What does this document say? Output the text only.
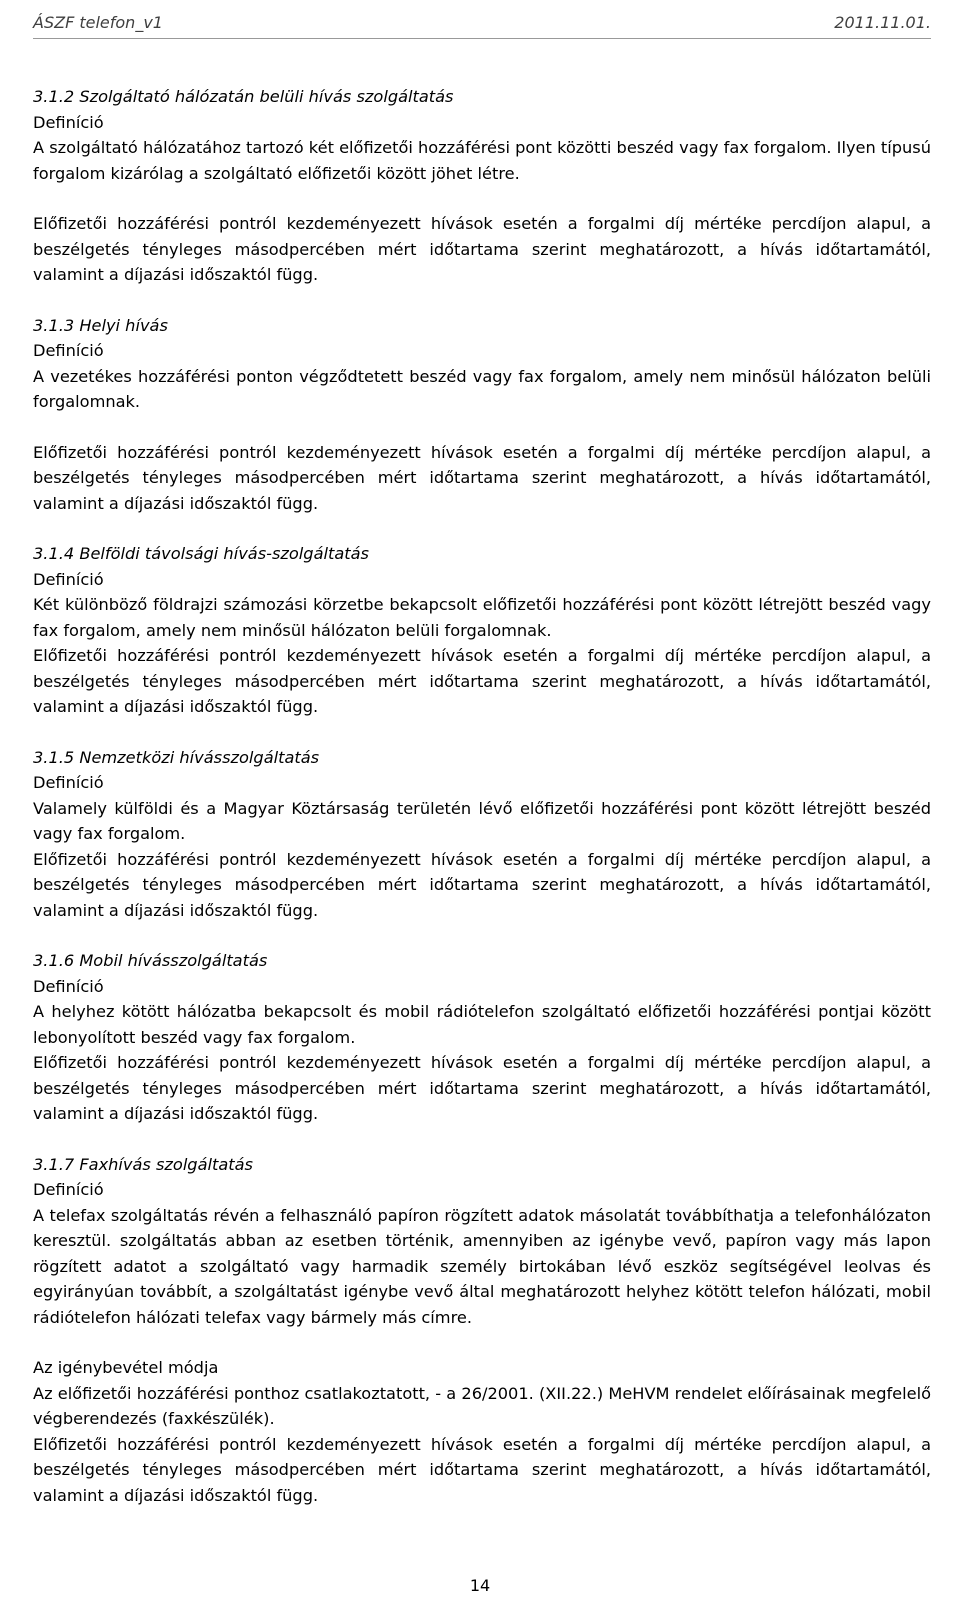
ÁSZF telefon_v1	2011.11.01.
3.1.2 Szolgáltató hálózatán belüli hívás szolgáltatás
Definíció

A szolgáltató hálózatához tartozó két előfizetői hozzáférési pont közötti beszéd vagy fax forgalom. Ilyen típusú forgalom kizárólag a szolgáltató előfizetői között jöhet létre.

Előfizetői hozzáférési pontról kezdeményezett hívások esetén a forgalmi díj mértéke percdíjon alapul, a beszélgetés tényleges másodpercében mért időtartama szerint meghatározott, a hívás időtartamától, valamint a díjazási időszaktól függ.

3.1.3 Helyi hívás
Definíció

A vezetékes hozzáférési ponton végződtetett beszéd vagy fax forgalom, amely nem minősül hálózaton belüli forgalomnak.

Előfizetői hozzáférési pontról kezdeményezett hívások esetén a forgalmi díj mértéke percdíjon alapul, a beszélgetés tényleges másodpercében mért időtartama szerint meghatározott, a hívás időtartamától, valamint a díjazási időszaktól függ.

3.1.4 Belföldi távolsági hívás-szolgáltatás
Definíció

Két különböző földrajzi számozási körzetbe bekapcsolt előfizetői hozzáférési pont között létrejött beszéd vagy fax forgalom, amely nem minősül hálózaton belüli forgalomnak.

Előfizetői hozzáférési pontról kezdeményezett hívások esetén a forgalmi díj mértéke percdíjon alapul, a beszélgetés tényleges másodpercében mért időtartama szerint meghatározott, a hívás időtartamától, valamint a díjazási időszaktól függ.

3.1.5 Nemzetközi hívásszolgáltatás
Definíció

Valamely külföldi és a Magyar Köztársaság területén lévő előfizetői hozzáférési pont között létrejött beszéd vagy fax forgalom.

Előfizetői hozzáférési pontról kezdeményezett hívások esetén a forgalmi díj mértéke percdíjon alapul, a beszélgetés tényleges másodpercében mért időtartama szerint meghatározott, a hívás időtartamától, valamint a díjazási időszaktól függ.

3.1.6 Mobil hívásszolgáltatás
Definíció

A helyhez kötött hálózatba bekapcsolt és mobil rádiótelefon szolgáltató előfizetői hozzáférési pontjai között lebonyolított beszéd vagy fax forgalom.

Előfizetői hozzáférési pontról kezdeményezett hívások esetén a forgalmi díj mértéke percdíjon alapul, a beszélgetés tényleges másodpercében mért időtartama szerint meghatározott, a hívás időtartamától, valamint a díjazási időszaktól függ.

3.1.7 Faxhívás szolgáltatás
Definíció

A telefax szolgáltatás révén a felhasználó papíron rögzített adatok másolatát továbbíthatja a telefonhálózaton keresztül. szolgáltatás abban az esetben történik, amennyiben az igénybe vevő, papíron vagy más lapon rögzített adatot a szolgáltató vagy harmadik személy birtokában lévő eszköz segítségével leolvas és egyirányúan továbbít, a szolgáltatást igénybe vevő által meghatározott helyhez kötött telefon hálózati, mobil rádiótelefon hálózati telefax vagy bármely más címre.

Az igénybevétel módja

Az előfizetői hozzáférési ponthoz csatlakoztatott, - a 26/2001. (XII.22.) MeHVM rendelet előírásainak megfelelő végberendezés (faxkészülék).

Előfizetői hozzáférési pontról kezdeményezett hívások esetén a forgalmi díj mértéke percdíjon alapul, a beszélgetés tényleges másodpercében mért időtartama szerint meghatározott, a hívás időtartamától, valamint a díjazási időszaktól függ.

14
